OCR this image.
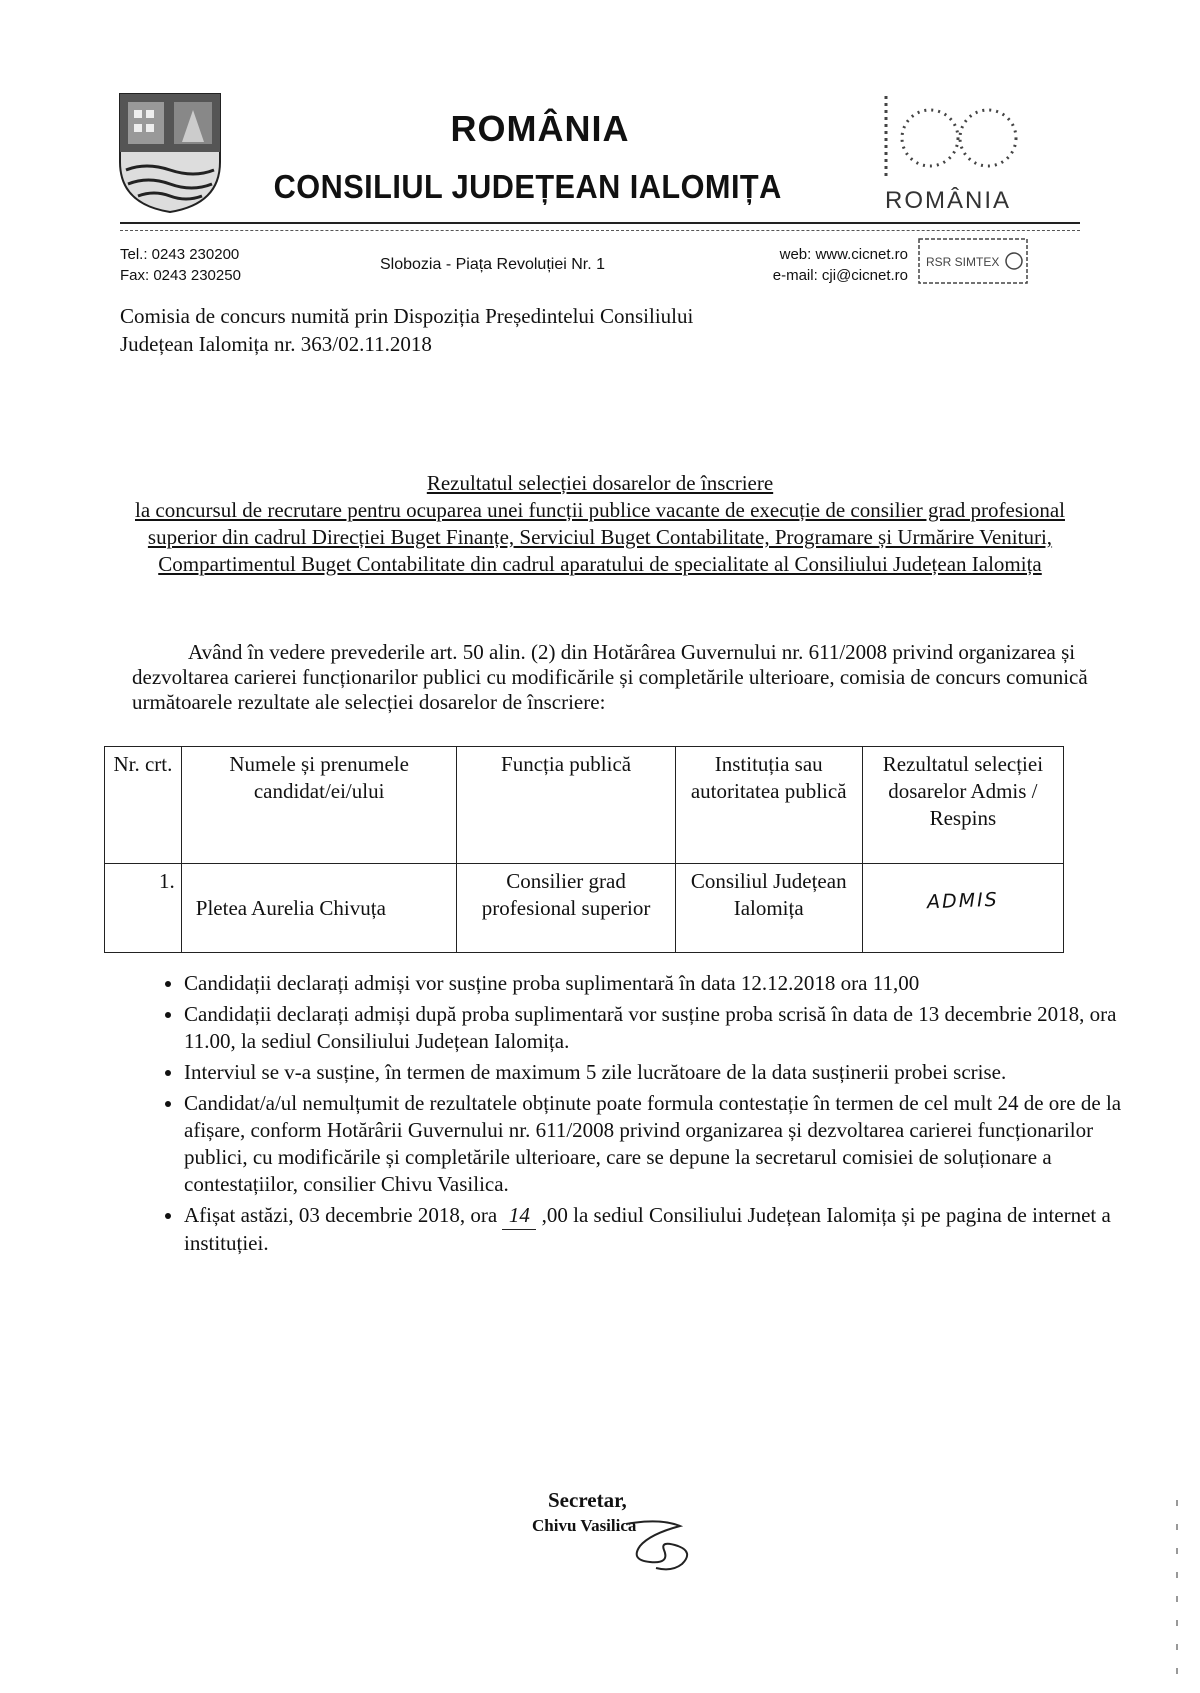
ROMÂNIA
CONSILIUL JUDEȚEAN IALOMIȚA	ROMÂNIA
Tel.: 0243 230200
Fax: 0243 230250
Slobozia - Piața Revoluției Nr. 1
web: www.cicnet.ro
e-mail: cji@cicnet.ro
RSR SIMTEX
Comisia de concurs numită prin Dispoziția Președintelui Consiliului
Județean Ialomița nr. 363/02.11.2018
Rezultatul selecției dosarelor de înscriere
la concursul de recrutare pentru ocuparea unei funcții publice vacante de execuție de consilier grad profesional superior din cadrul Direcției Buget Finanțe, Serviciul Buget Contabilitate, Programare și Urmărire Venituri, Compartimentul Buget Contabilitate din cadrul aparatului de specialitate al Consiliului Județean Ialomița
Având în vedere prevederile art. 50 alin. (2) din Hotărârea Guvernului nr. 611/2008 privind organizarea și dezvoltarea carierei funcționarilor publici cu modificările și completările ulterioare, comisia de concurs comunică următoarele rezultate ale selecției dosarelor de înscriere:
Nr. crt.	Numele și prenumele candidat/ei/ului	Funcția publică	Instituția sau autoritatea publică	Rezultatul selecției dosarelor Admis / Respins
1.	Pletea Aurelia Chivuța	Consilier grad profesional superior	Consiliul Județean Ialomița	ADMIS
• Candidații declarați admiși vor susține proba suplimentară în data 12.12.2018 ora 11,00
• Candidații declarați admiși după proba suplimentară vor susține proba scrisă în data de 13 decembrie 2018, ora 11.00, la sediul Consiliului Județean Ialomița.
• Interviul se v-a susține, în termen de maximum 5 zile lucrătoare de la data susținerii probei scrise.
• Candidat/a/ul nemulțumit de rezultatele obținute poate formula contestație în termen de cel mult 24 de ore de la afișare, conform Hotărârii Guvernului nr. 611/2008 privind organizarea și dezvoltarea carierei funcționarilor publici, cu modificările și completările ulterioare, care se depune la secretarul comisiei de soluționare a contestațiilor, consilier Chivu Vasilica.
• Afișat astăzi, 03 decembrie 2018, ora 14 ,00 la sediul Consiliului Județean Ialomița și pe pagina de internet a instituției.
Secretar,
Chivu Vasilica
